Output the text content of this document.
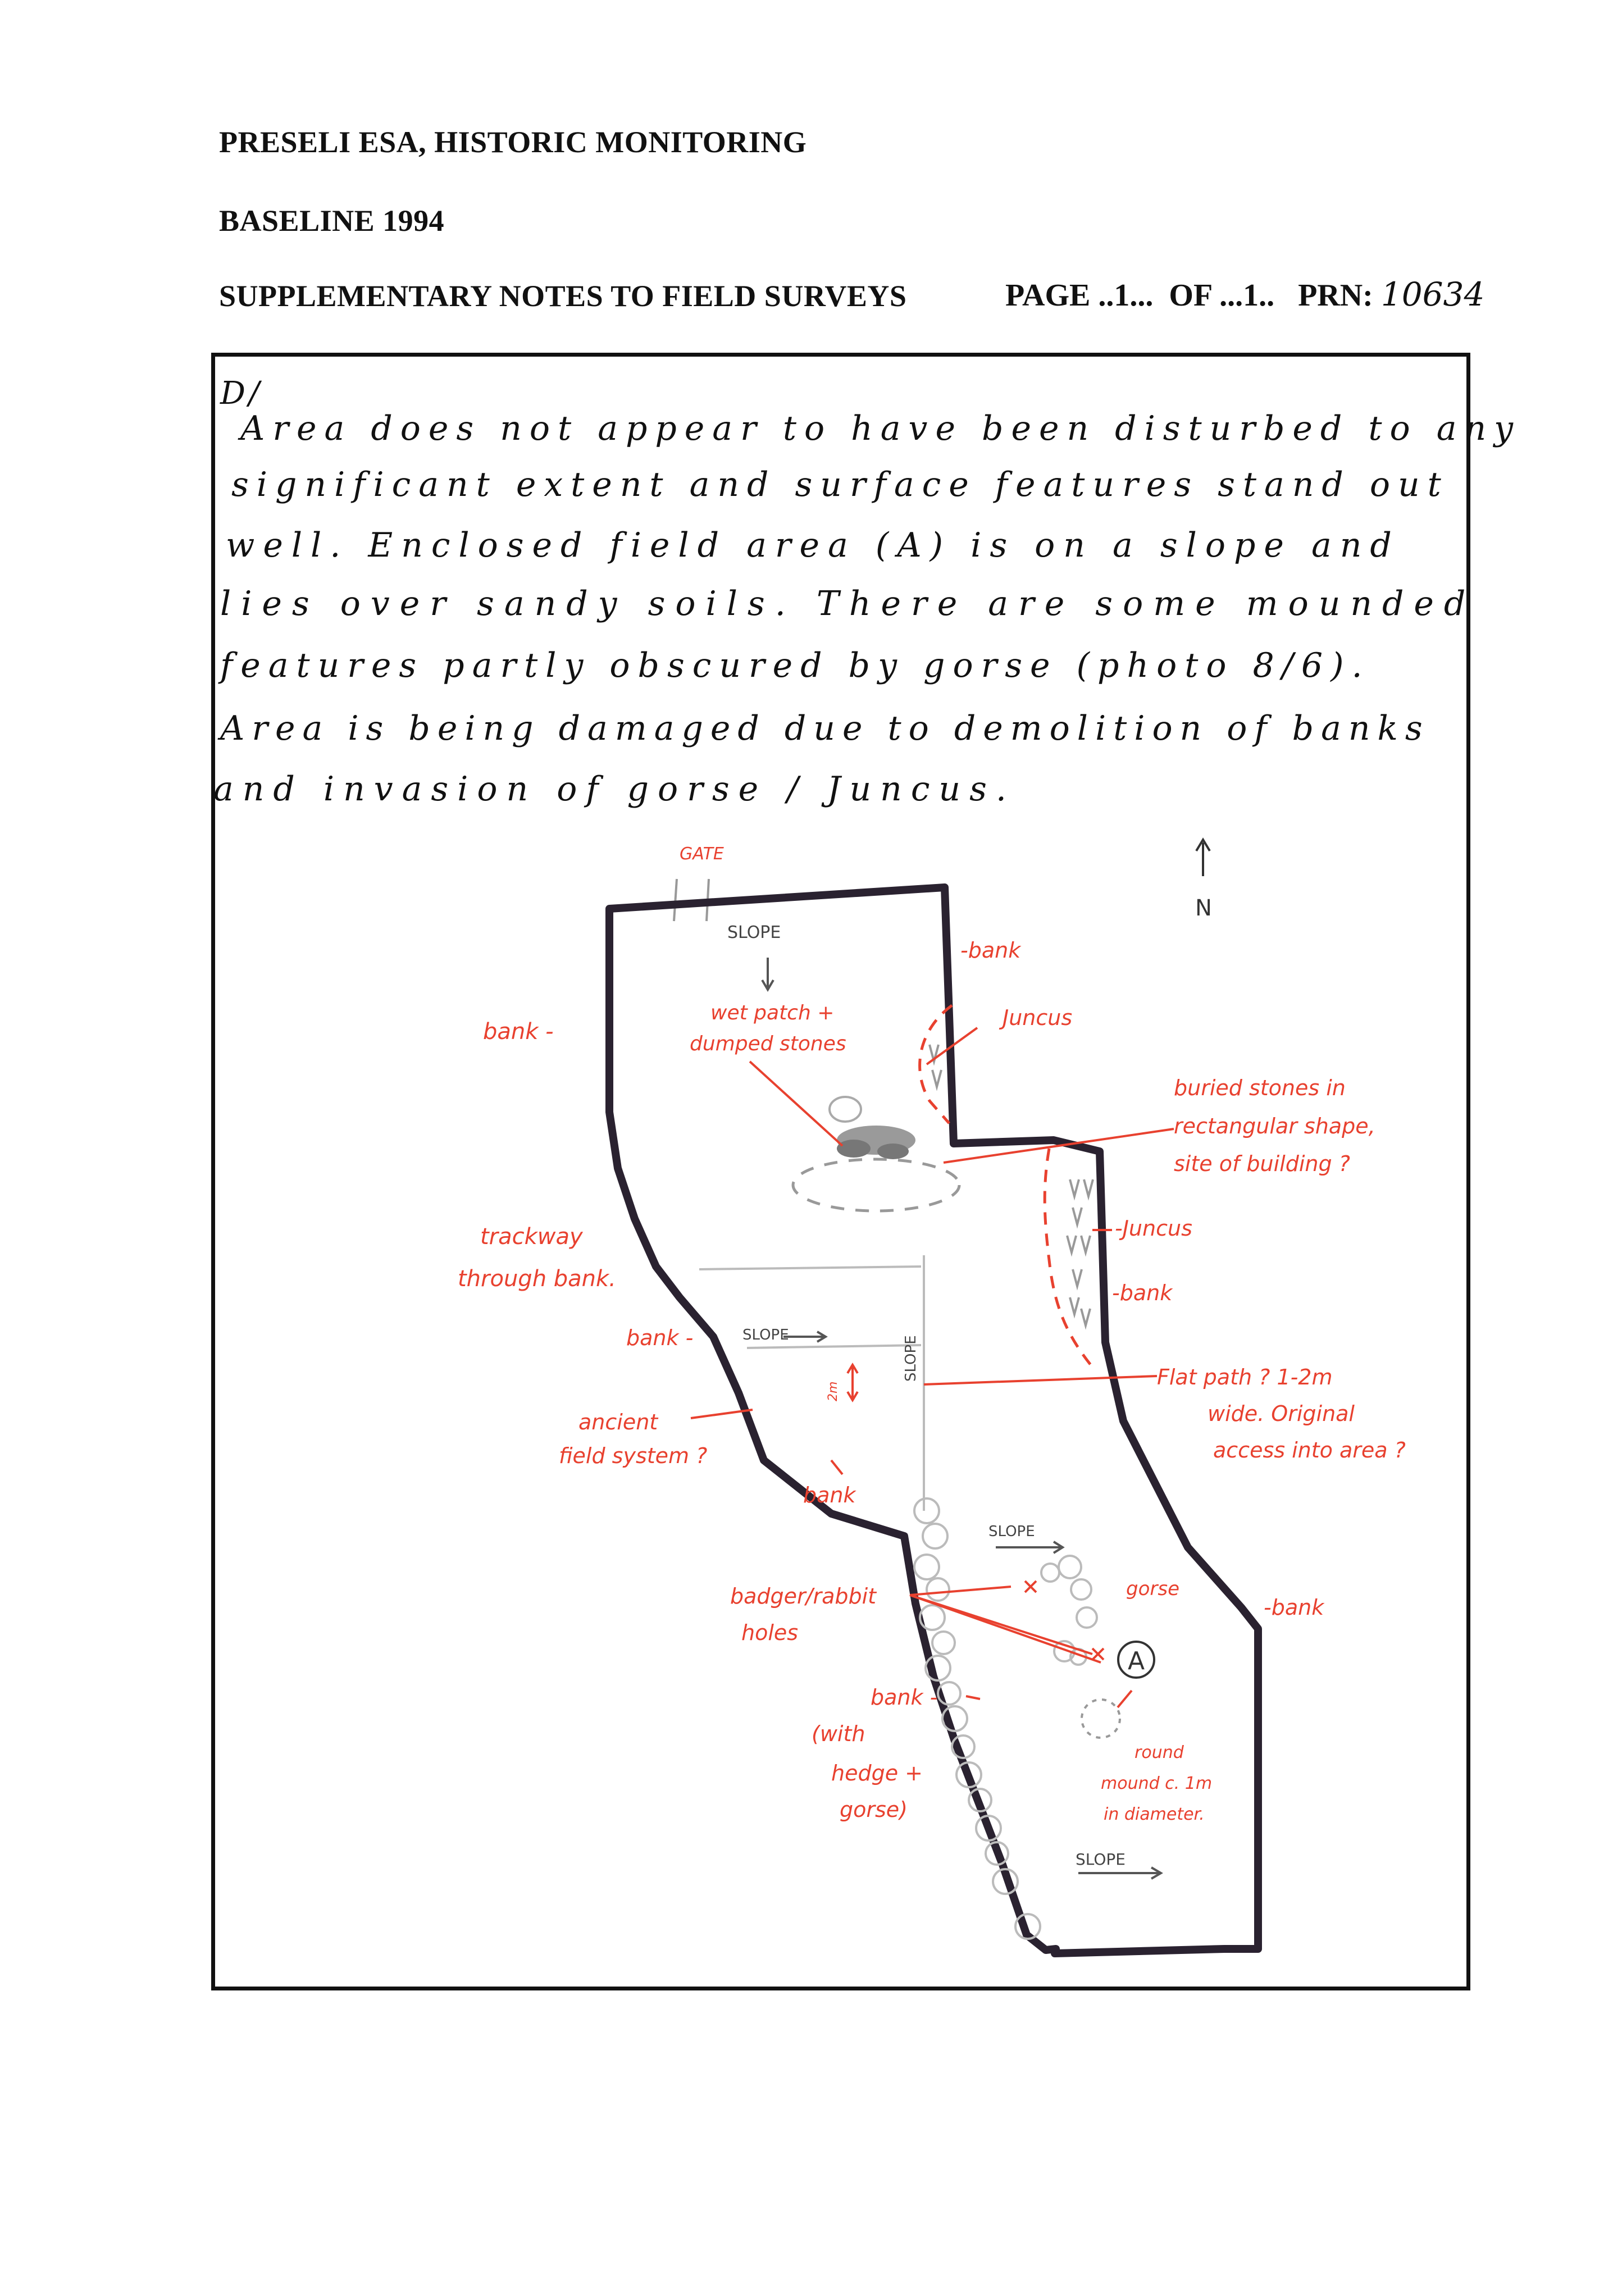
PRESELI ESA, HISTORIC MONITORING
BASELINE 1994
SUPPLEMENTARY NOTES TO FIELD SURVEYS	PAGE ..1... OF ...1.. PRN: 10634
D/
Area does not appear to have been disturbed to any
significant extent and surface features stand out
well. Enclosed field area (A) is on a slope and
lies over sandy soils. There are some mounded
features partly obscured by gorse (photo 8/6).
Area is being damaged due to demolition of banks
and invasion of gorse / Juncus.
N
A
GATE
SLOPE
-bank
Juncus
bank -
wet patch +
dumped stones
buried stones in
rectangular shape,
site of building ?
-Juncus
trackway
through bank.
-bank
bank -	SLOPE
SLOPE
2m
Flat path ? 1-2m
wide. Original
access into area ?
ancient
field system ?
bank
SLOPE
badger/rabbit
holes
gorse
-bank
bank -
(with
hedge +
gorse)
round
mound c. 1m
in diameter.
SLOPE
